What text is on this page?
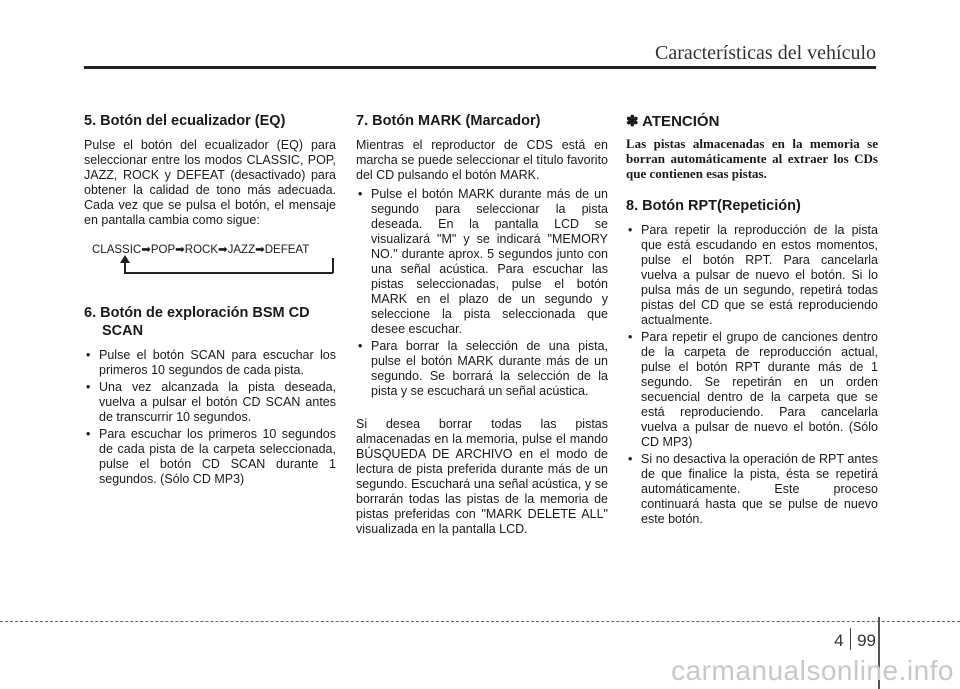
Características del vehículo
5. Botón del ecualizador (EQ)

Pulse el botón del ecualizador (EQ) para seleccionar entre los modos CLASSIC, POP, JAZZ, ROCK y DEFEAT (desactivado) para obtener la calidad de tono más adecuada. Cada vez que se pulsa el botón, el mensaje en pantalla cambia como sigue:

CLASSIC➡POP➡ROCK➡JAZZ➡DEFEAT
6. Botón de exploración BSM CD
SCAN
• Pulse el botón SCAN para escuchar los primeros 10 segundos de cada pista.
• Una vez alcanzada la pista deseada, vuelva a pulsar el botón CD SCAN antes de transcurrir 10 segundos.
• Para escuchar los primeros 10 segundos de cada pista de la carpeta seleccionada, pulse el botón CD SCAN durante 1 segundos. (Sólo CD MP3)
7. Botón MARK (Marcador)

Mientras el reproductor de CDS está en marcha se puede seleccionar el título favorito del CD pulsando el botón MARK.

• Pulse el botón MARK durante más de un segundo para seleccionar la pista deseada. En la pantalla LCD se visualizará "M" y se indicará "MEMORY NO." durante aprox. 5 segundos junto con una señal acústica. Para escuchar las pistas seleccionadas, pulse el botón MARK en el plazo de un segundo y seleccione la pista seleccionada que desee escuchar.
• Para borrar la selección de una pista, pulse el botón MARK durante más de un segundo. Se borrará la selección de la pista y se escuchará un señal acústica.

Si desea borrar todas las pistas almacenadas en la memoria, pulse el mando BÚSQUEDA DE ARCHIVO en el modo de lectura de pista preferida durante más de un segundo. Escuchará una señal acústica, y se borrarán todas las pistas de la memoria de pistas preferidas con "MARK DELETE ALL" visualizada en la pantalla LCD.

✽ ATENCIÓN
Las pistas almacenadas en la memoria se borran automáticamente al extraer los CDs que contienen esas pistas.
8. Botón RPT(Repetición)
• Para repetir la reproducción de la pista que está escudando en estos momentos, pulse el botón RPT. Para cancelarla vuelva a pulsar de nuevo el botón. Si lo pulsa más de un segundo, repetirá todas pistas del CD que se está reproduciendo actualmente.
• Para repetir el grupo de canciones dentro de la carpeta de reproducción actual, pulse el botón RPT durante más de 1 segundo. Se repetirán en un orden secuencial dentro de la carpeta que se está reproduciendo. Para cancelarla vuelva a pulsar de nuevo el botón. (Sólo CD MP3)
• Si no desactiva la operación de RPT antes de que finalice la pista, ésta se repetirá automáticamente. Este proceso continuará hasta que se pulse de nuevo este botón.
4 99
carmanualsonline.info
